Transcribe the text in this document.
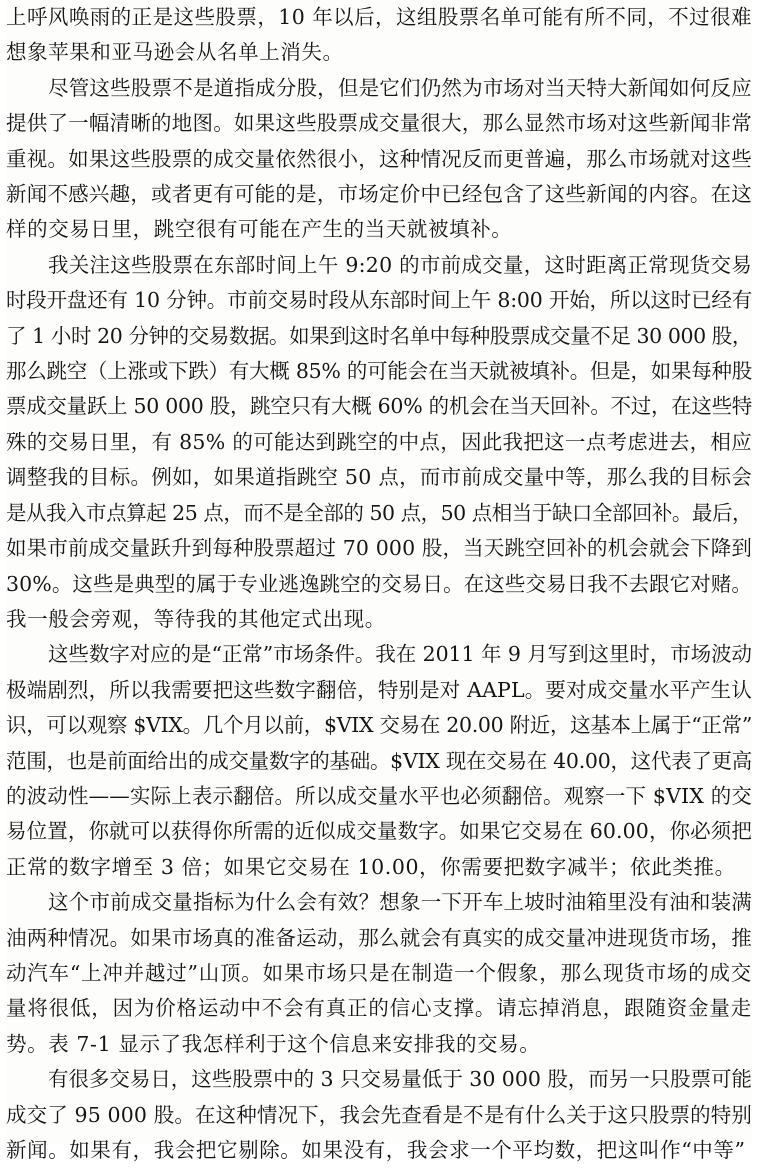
上呼风唤雨的正是这些股票，10 年以后，这组股票名单可能有所不同，不过很难
想象苹果和亚马逊会从名单上消失。

尽管这些股票不是道指成分股，但是它们仍然为市场对当天特大新闻如何反应
提供了一幅清晰的地图。如果这些股票成交量很大，那么显然市场对这些新闻非常
重视。如果这些股票的成交量依然很小，这种情况反而更普遍，那么市场就对这些
新闻不感兴趣，或者更有可能的是，市场定价中已经包含了这些新闻的内容。在这
样的交易日里，跳空很有可能在产生的当天就被填补。

我关注这些股票在东部时间上午 9:20 的市前成交量，这时距离正常现货交易
时段开盘还有 10 分钟。市前交易时段从东部时间上午 8:00 开始，所以这时已经有
了 1 小时 20 分钟的交易数据。如果到这时名单中每种股票成交量不足 30 000 股，
那么跳空（上涨或下跌）有大概 85% 的可能会在当天就被填补。但是，如果每种股
票成交量跃上 50 000 股，跳空只有大概 60% 的机会在当天回补。不过，在这些特
殊的交易日里，有 85% 的可能达到跳空的中点，因此我把这一点考虑进去，相应
调整我的目标。例如，如果道指跳空 50 点，而市前成交量中等，那么我的目标会
是从我入市点算起 25 点，而不是全部的 50 点，50 点相当于缺口全部回补。最后，
如果市前成交量跃升到每种股票超过 70 000 股，当天跳空回补的机会就会下降到
30%。这些是典型的属于专业逃逸跳空的交易日。在这些交易日我不去跟它对赌。
我一般会旁观，等待我的其他定式出现。

这些数字对应的是“正常”市场条件。我在 2011 年 9 月写到这里时，市场波动
极端剧烈，所以我需要把这些数字翻倍，特别是对 AAPL。要对成交量水平产生认
识，可以观察 $VIX。几个月以前，$VIX 交易在 20.00 附近，这基本上属于“正常”
范围，也是前面给出的成交量数字的基础。$VIX 现在交易在 40.00，这代表了更高
的波动性——实际上表示翻倍。所以成交量水平也必须翻倍。观察一下 $VIX 的交
易位置，你就可以获得你所需的近似成交量数字。如果它交易在 60.00，你必须把
正常的数字增至 3 倍；如果它交易在 10.00，你需要把数字减半；依此类推。

这个市前成交量指标为什么会有效？想象一下开车上坡时油箱里没有油和装满
油两种情况。如果市场真的准备运动，那么就会有真实的成交量冲进现货市场，推
动汽车“上冲并越过”山顶。如果市场只是在制造一个假象，那么现货市场的成交
量将很低，因为价格运动中不会有真正的信心支撑。请忘掉消息，跟随资金量走
势。表 7-1 显示了我怎样利于这个信息来安排我的交易。

有很多交易日，这些股票中的 3 只交易量低于 30 000 股，而另一只股票可能
成交了 95 000 股。在这种情况下，我会先查看是不是有什么关于这只股票的特别
新闻。如果有，我会把它剔除。如果没有，我会求一个平均数，把这叫作“中等”
